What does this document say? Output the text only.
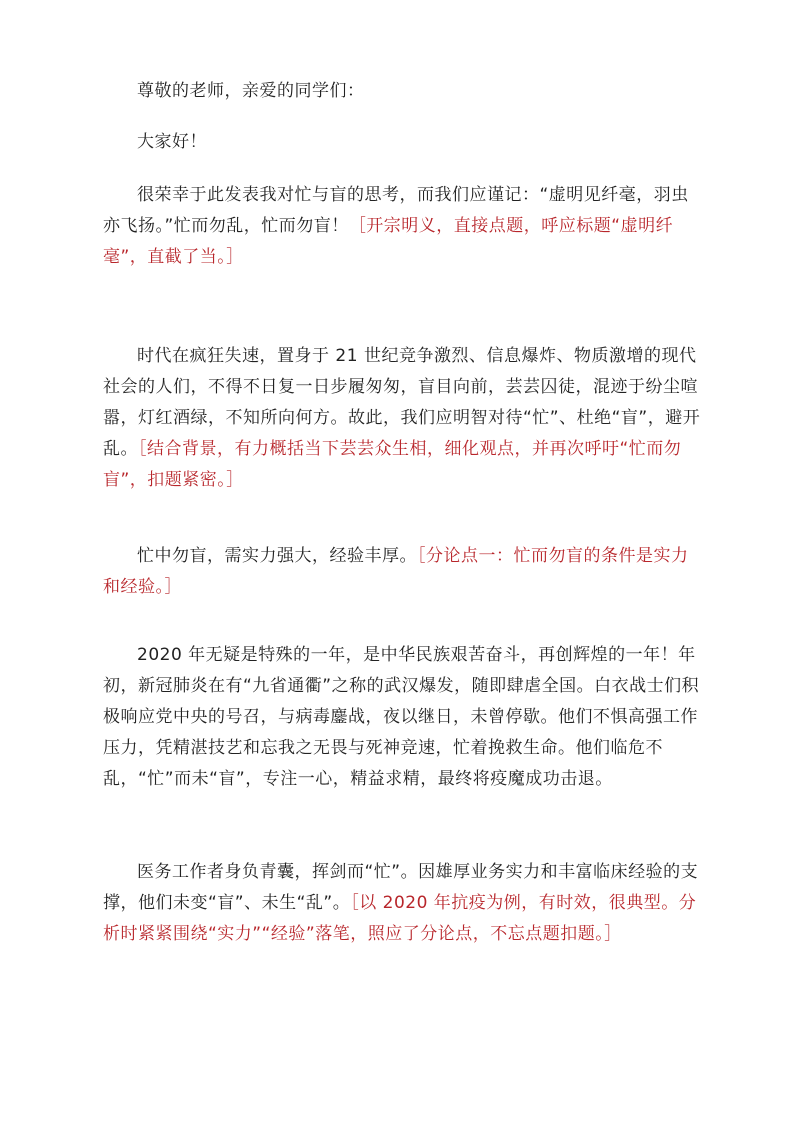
尊敬的老师，亲爱的同学们：

大家好！

很荣幸于此发表我对忙与盲的思考，而我们应谨记：“虚明见纤毫，羽虫亦飞扬。”忙而勿乱，忙而勿盲！［开宗明义，直接点题，呼应标题“虚明纤毫”，直截了当。］

时代在疯狂失速，置身于 21 世纪竞争激烈、信息爆炸、物质激增的现代社会的人们，不得不日复一日步履匆匆，盲目向前，芸芸囚徒，混迹于纷尘喧嚣，灯红酒绿，不知所向何方。故此，我们应明智对待“忙”、杜绝“盲”，避开乱。［结合背景，有力概括当下芸芸众生相，细化观点，并再次呼吁“忙而勿盲”，扣题紧密。］

忙中勿盲，需实力强大，经验丰厚。［分论点一：忙而勿盲的条件是实力和经验。］

2020 年无疑是特殊的一年，是中华民族艰苦奋斗，再创辉煌的一年！年初，新冠肺炎在有“九省通衢”之称的武汉爆发，随即肆虐全国。白衣战士们积极响应党中央的号召，与病毒鏖战，夜以继日，未曾停歇。他们不惧高强工作压力，凭精湛技艺和忘我之无畏与死神竞速，忙着挽救生命。他们临危不乱，“忙”而未“盲”，专注一心，精益求精，最终将疫魔成功击退。

医务工作者身负青囊，挥剑而“忙”。因雄厚业务实力和丰富临床经验的支撑，他们未变“盲”、未生“乱”。［以 2020 年抗疫为例，有时效，很典型。分析时紧紧围绕“实力”“经验”落笔，照应了分论点，不忘点题扣题。］
